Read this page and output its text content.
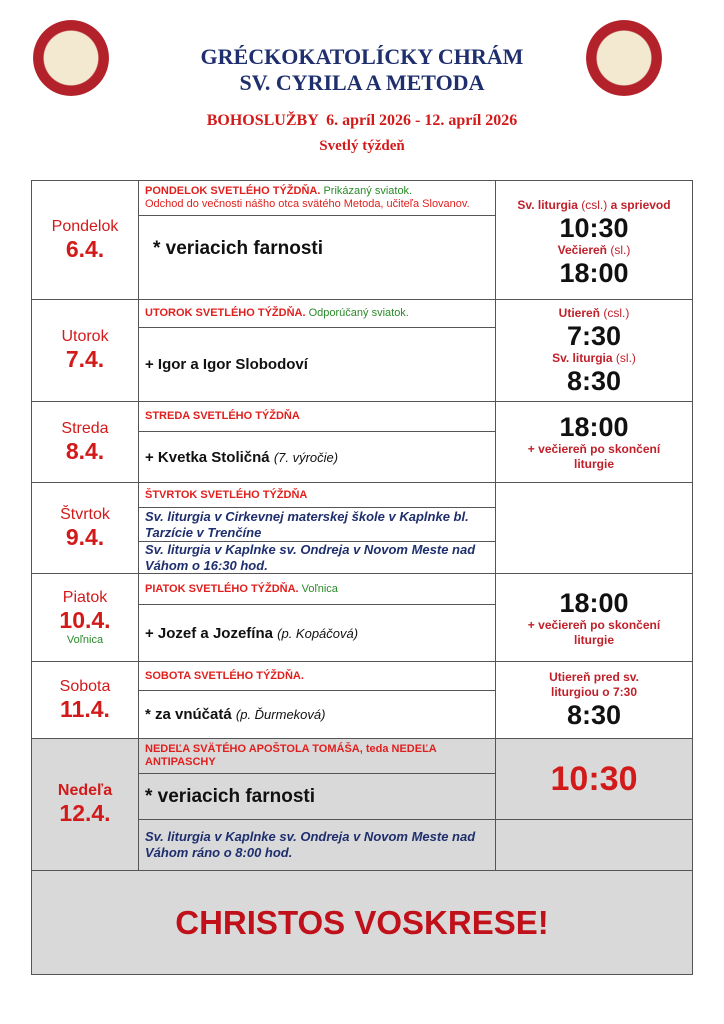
GRÉCKOKATOLÍCKY CHRÁM
SV. CYRILA A METODA
BOHOSLUŽBY  6. apríl 2026 - 12. apríl 2026
Svetlý týždeň
Pondelok
6.4.
PONDELOK SVETLÉHO TÝŽDŇA. Prikázaný sviatok.
Odchod do večnosti nášho otca svätého Metoda, učiteľa Slovanov.
* veriacich farnosti
Sv. liturgia (csl.) a sprievod
10:30
Večiereň (sl.)
18:00
Utorok
7.4.
UTOROK SVETLÉHO TÝŽDŇA. Odporúčaný sviatok.
+ Igor a Igor Slobodoví
Utiereň (csl.)
7:30
Sv. liturgia (sl.)
8:30
Streda
8.4.
STREDA SVETLÉHO TÝŽDŇA
+ Kvetka Stoličná (7. výročie)
18:00
+ večiereň po skončení liturgie
Štvrtok
9.4.
ŠTVRTOK SVETLÉHO TÝŽDŇA
Sv. liturgia v Cirkevnej materskej škole v Kaplnke bl. Tarzície v Trenčíne
Sv. liturgia v Kaplnke sv. Ondreja v Novom Meste nad Váhom o 16:30 hod.
Piatok
10.4.
Voľnica
PIATOK SVETLÉHO TÝŽDŇA. Voľnica
+ Jozef a Jozefína (p. Kopáčová)
18:00
+ večiereň po skončení liturgie
Sobota
11.4.
SOBOTA SVETLÉHO TÝŽDŇA.
* za vnúčatá (p. Ďurmeková)
Utiereň pred sv. liturgiou o 7:30
8:30
Nedeľa
12.4.
NEDEĽA SVÄTÉHO APOŠTOLA TOMÁŠA, teda NEDEĽA ANTIPASCHY
* veriacich farnosti
Sv. liturgia v Kaplnke sv. Ondreja v Novom Meste nad Váhom ráno o 8:00 hod.
10:30
CHRISTOS VOSKRESE!
